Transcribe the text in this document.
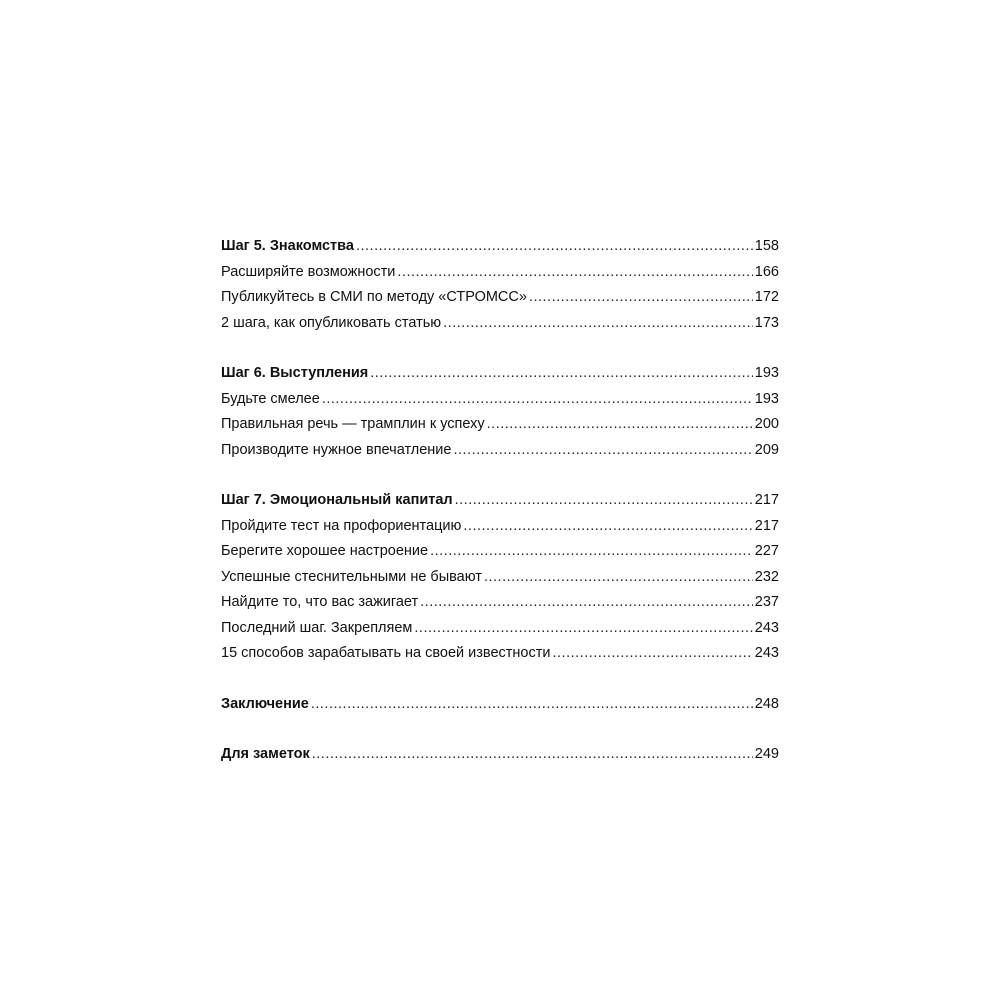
Шаг 5. Знакомства .....	158
Расширяйте возможности .....	166
Публикуйтесь в СМИ по методу «СТРОМСС» .....	172
2 шага, как опубликовать статью .....	173
Шаг 6. Выступления .....	193
Будьте смелее .....	193
Правильная речь — трамплин к успеху .....	200
Производите нужное впечатление .....	209
Шаг 7. Эмоциональный капитал .....	217
Пройдите тест на профориентацию .....	217
Берегите хорошее настроение .....	227
Успешные стеснительными не бывают .....	232
Найдите то, что вас зажигает .....	237
Последний шаг. Закрепляем .....	243
15 способов зарабатывать на своей известности .....	243
Заключение .....	248
Для заметок .....	249
